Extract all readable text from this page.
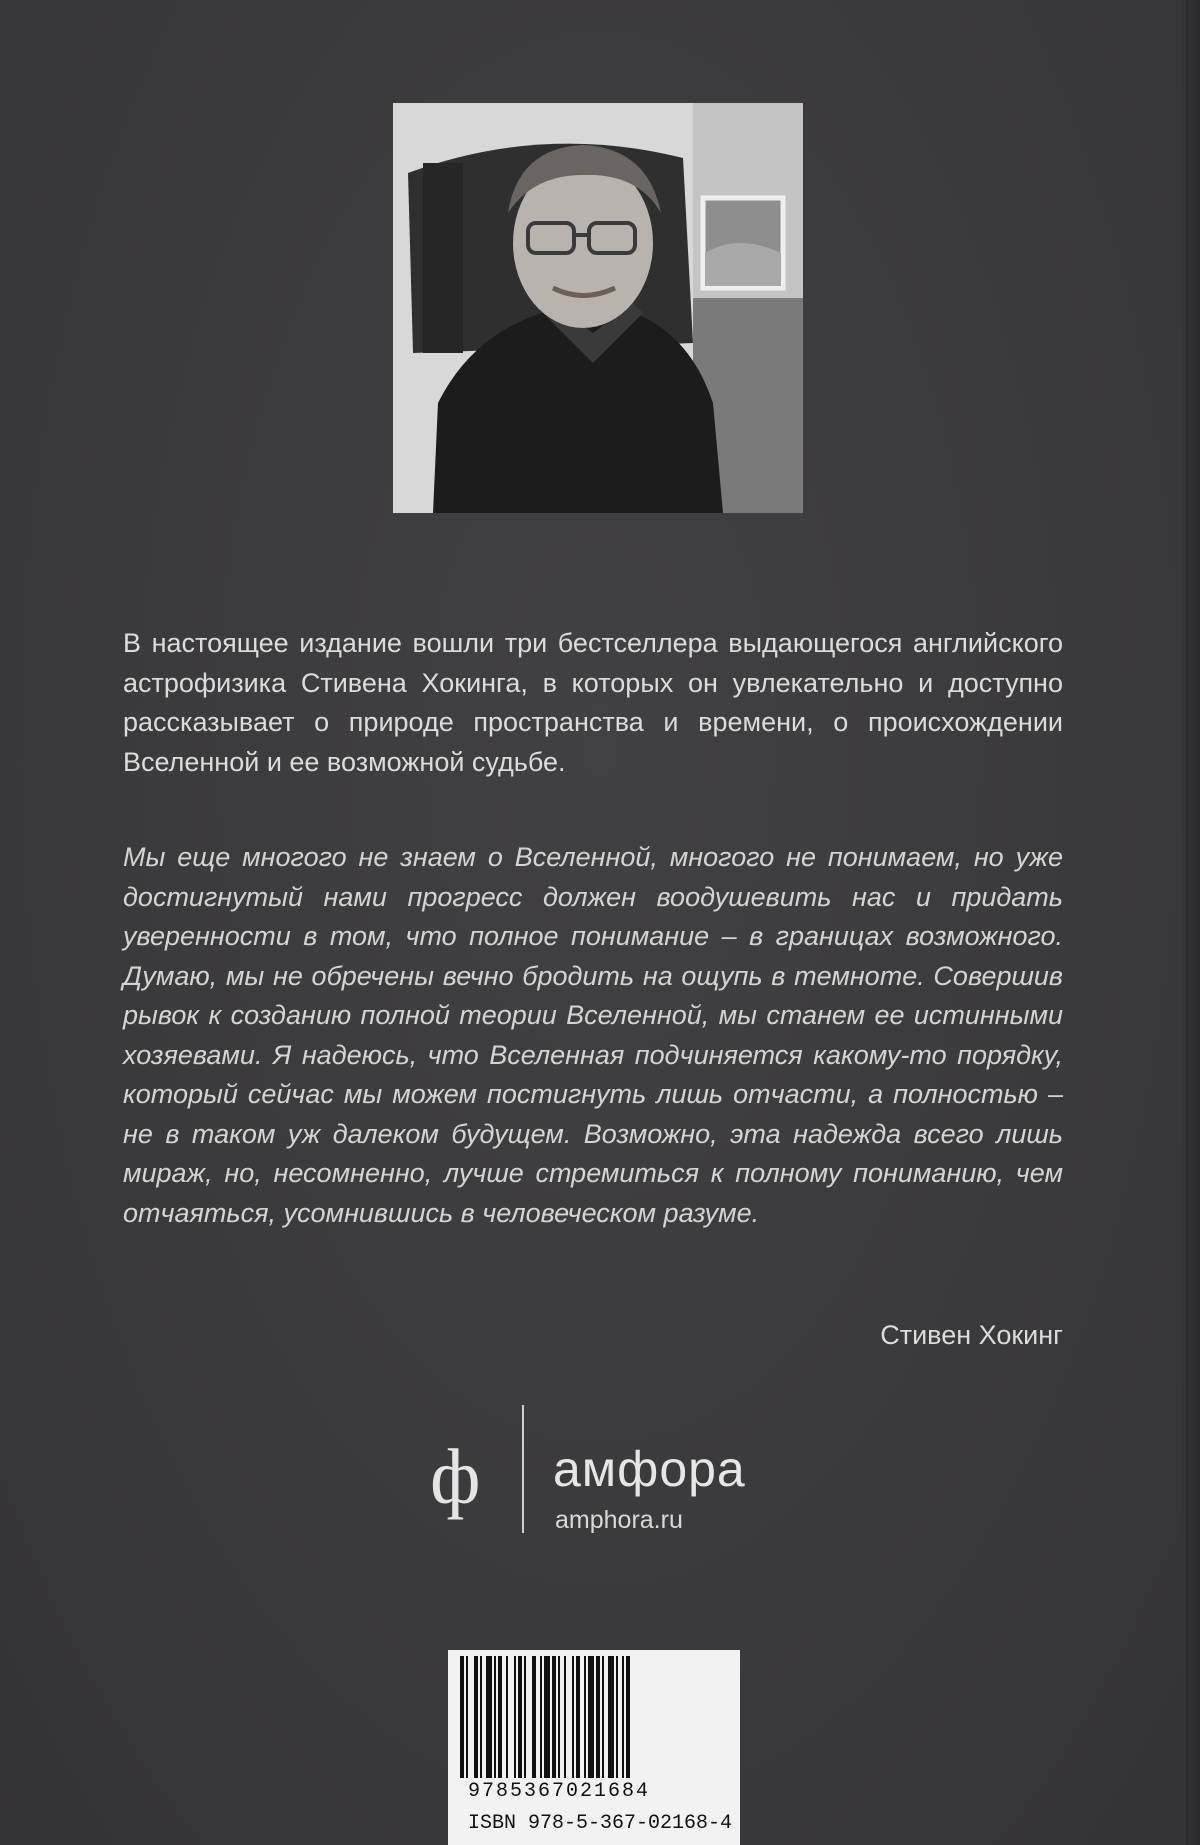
В настоящее издание вошли три бестселлера выдающегося английского астрофизика Стивена Хокинга, в которых он увлекательно и доступно рассказывает о природе пространства и времени, о происхождении Вселенной и ее возможной судьбе.

Мы еще многого не знаем о Вселенной, многого не понимаем, но уже достигнутый нами прогресс должен воодушевить нас и придать уверенности в том, что полное понимание – в границах возможного. Думаю, мы не обречены вечно бродить на ощупь в темноте. Совершив рывок к созданию полной теории Вселенной, мы станем ее истинными хозяевами. Я надеюсь, что Вселенная подчиняется какому-то порядку, который сейчас мы можем постигнуть лишь отчасти, а полностью – не в таком уж далеком будущем. Возможно, эта надежда всего лишь мираж, но, несомненно, лучше стремиться к полному пониманию, чем отчаяться, усомнившись в человеческом разуме.

Стивен Хокинг

ф амфора
amphora.ru
9785367021684
ISBN 978-5-367-02168-4
